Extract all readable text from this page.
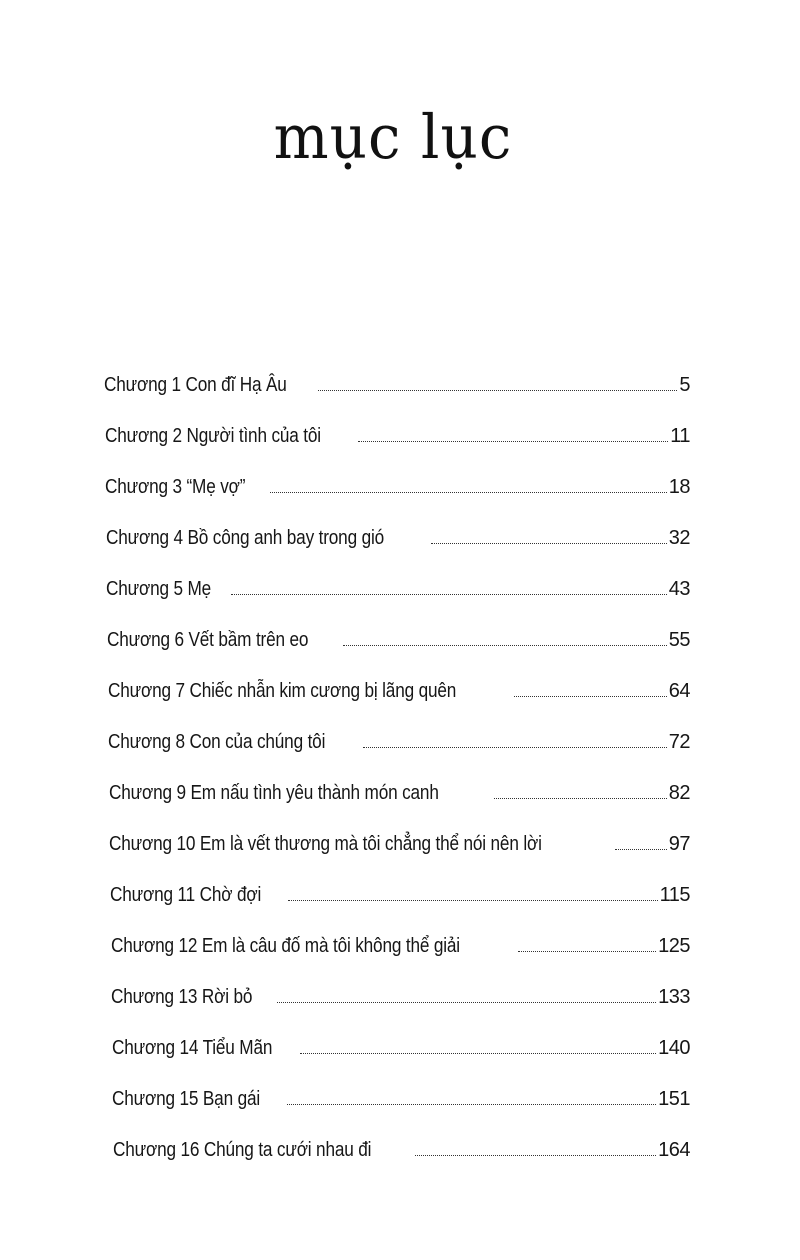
mục lục
Chương 1 Con đĩ Hạ Âu	5
Chương 2 Người tình của tôi	11
Chương 3 “Mẹ vợ”	18
Chương 4 Bồ công anh bay trong gió	32
Chương 5 Mẹ	43
Chương 6 Vết bầm trên eo	55
Chương 7 Chiếc nhẫn kim cương bị lãng quên	64
Chương 8 Con của chúng tôi	72
Chương 9 Em nấu tình yêu thành món canh	82
Chương 10 Em là vết thương mà tôi chẳng thể nói nên lời	97
Chương 11 Chờ đợi	115
Chương 12 Em là câu đố mà tôi không thể giải	125
Chương 13 Rời bỏ	133
Chương 14 Tiểu Mãn	140
Chương 15 Bạn gái	151
Chương 16 Chúng ta cưới nhau đi	164
